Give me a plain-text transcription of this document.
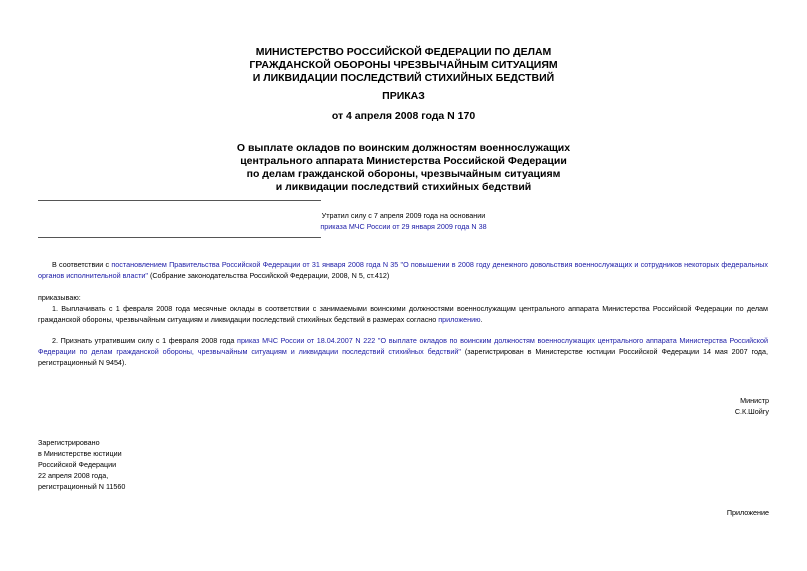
МИНИСТЕРСТВО РОССИЙСКОЙ ФЕДЕРАЦИИ ПО ДЕЛАМ
ГРАЖДАНСКОЙ ОБОРОНЫ ЧРЕЗВЫЧАЙНЫМ СИТУАЦИЯМ
И ЛИКВИДАЦИИ ПОСЛЕДСТВИЙ СТИХИЙНЫХ БЕДСТВИЙ
ПРИКАЗ
от 4 апреля 2008 года N 170
О выплате окладов по воинским должностям военнослужащих
центрального аппарата Министерства Российской Федерации
по делам гражданской обороны, чрезвычайным ситуациям
и ликвидации последствий стихийных бедствий
Утратил силу с 7 апреля 2009 года на основании
приказа МЧС России от 29 января 2009 года N 38
В соответствии с постановлением Правительства Российской Федерации от 31 января 2008 года N 35 "О повышении в 2008 году денежного довольствия военнослужащих и сотрудников некоторых федеральных органов исполнительной власти" (Собрание законодательства Российской Федерации, 2008, N 5, ст.412)
приказываю:
1. Выплачивать с 1 февраля 2008 года месячные оклады в соответствии с занимаемыми воинскими должностями военнослужащим центрального аппарата Министерства Российской Федерации по делам гражданской обороны, чрезвычайным ситуациям и ликвидации последствий стихийных бедствий в размерах согласно приложению.
2. Признать утратившим силу с 1 февраля 2008 года приказ МЧС России от 18.04.2007 N 222 "О выплате окладов по воинским должностям военнослужащих центрального аппарата Министерства Российской Федерации по делам гражданской обороны, чрезвычайным ситуациям и ликвидации последствий стихийных бедствий" (зарегистрирован в Министерстве юстиции Российской Федерации 14 мая 2007 года, регистрационный N 9454).
Министр
С.К.Шойгу
Зарегистрировано
в Министерстве юстиции
Российской Федерации
22 апреля 2008 года,
регистрационный N 11560
Приложение
